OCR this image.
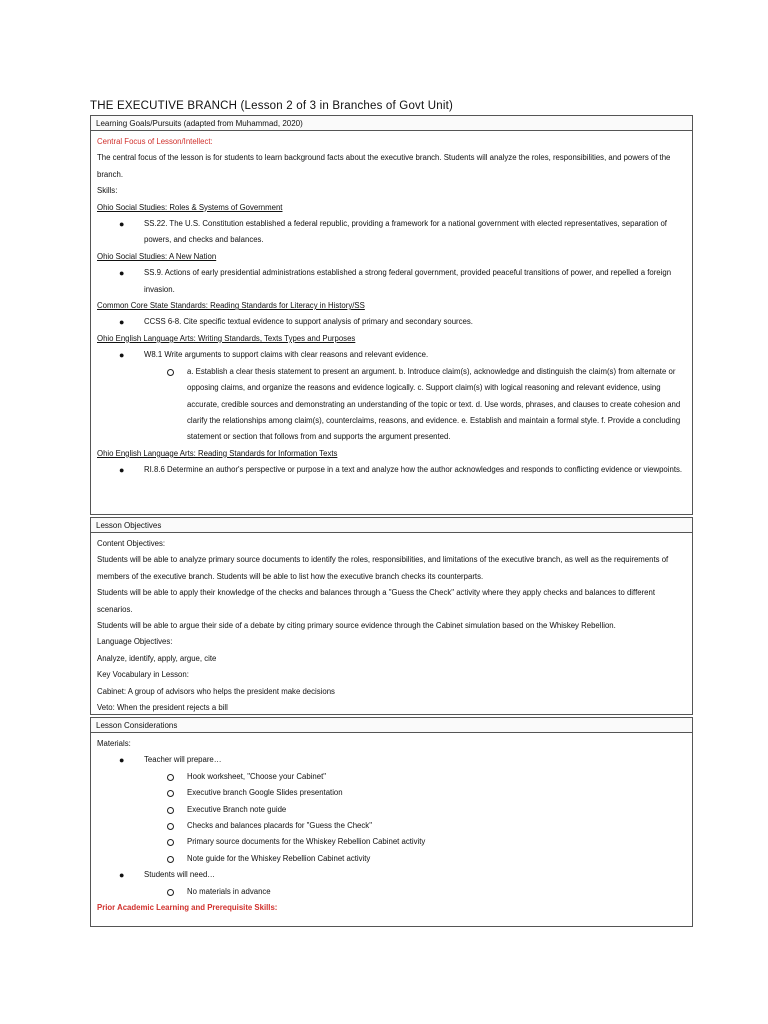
THE EXECUTIVE BRANCH (Lesson 2 of 3 in Branches of Govt Unit)
Learning Goals/Pursuits (adapted from Muhammad, 2020)

Central Focus of Lesson/Intellect:

The central focus of the lesson is for students to learn background facts about the executive branch. Students will analyze the roles, responsibilities, and powers of the branch.

Skills:

Ohio Social Studies: Roles & Systems of Government

●	SS.22. The U.S. Constitution established a federal republic, providing a framework for a national government with elected representatives, separation of powers, and checks and balances.

Ohio Social Studies: A New Nation

●	SS.9. Actions of early presidential administrations established a strong federal government, provided peaceful transitions of power, and repelled a foreign invasion.

Common Core State Standards: Reading Standards for Literacy in History/SS

●	CCSS 6-8. Cite specific textual evidence to support analysis of primary and secondary sources.

Ohio English Language Arts: Writing Standards, Texts Types and Purposes

●	W8.1 Write arguments to support claims with clear reasons and relevant evidence.
a. Establish a clear thesis statement to present an argument. b. Introduce claim(s), acknowledge and distinguish the claim(s) from alternate or opposing claims, and organize the reasons and evidence logically. c. Support claim(s) with logical reasoning and relevant evidence, using accurate, credible sources and demonstrating an understanding of the topic or text. d. Use words, phrases, and clauses to create cohesion and clarify the relationships among claim(s), counterclaims, reasons, and evidence. e. Establish and maintain a formal style. f. Provide a concluding statement or section that follows from and supports the argument presented.

Ohio English Language Arts: Reading Standards for Information Texts

●	RI.8.6 Determine an author's perspective or purpose in a text and analyze how the author acknowledges and responds to conflicting evidence or viewpoints.
Lesson Objectives

Content Objectives:

Students will be able to analyze primary source documents to identify the roles, responsibilities, and limitations of the executive branch, as well as the requirements of members of the executive branch. Students will be able to list how the executive branch checks its counterparts.

Students will be able to apply their knowledge of the checks and balances through a "Guess the Check" activity where they apply checks and balances to different scenarios.

Students will be able to argue their side of a debate by citing primary source evidence through the Cabinet simulation based on the Whiskey Rebellion.

Language Objectives:

Analyze, identify, apply, argue, cite

Key Vocabulary in Lesson:

Cabinet: A group of advisors who helps the president make decisions

Veto: When the president rejects a bill

Lesson Considerations

Materials:

●	Teacher will prepare…
Hook worksheet, "Choose your Cabinet"
Executive branch Google Slides presentation
Executive Branch note guide
Checks and balances placards for "Guess the Check"
Primary source documents for the Whiskey Rebellion Cabinet activity
Note guide for the Whiskey Rebellion Cabinet activity
●	Students will need…
No materials in advance

Prior Academic Learning and Prerequisite Skills:
